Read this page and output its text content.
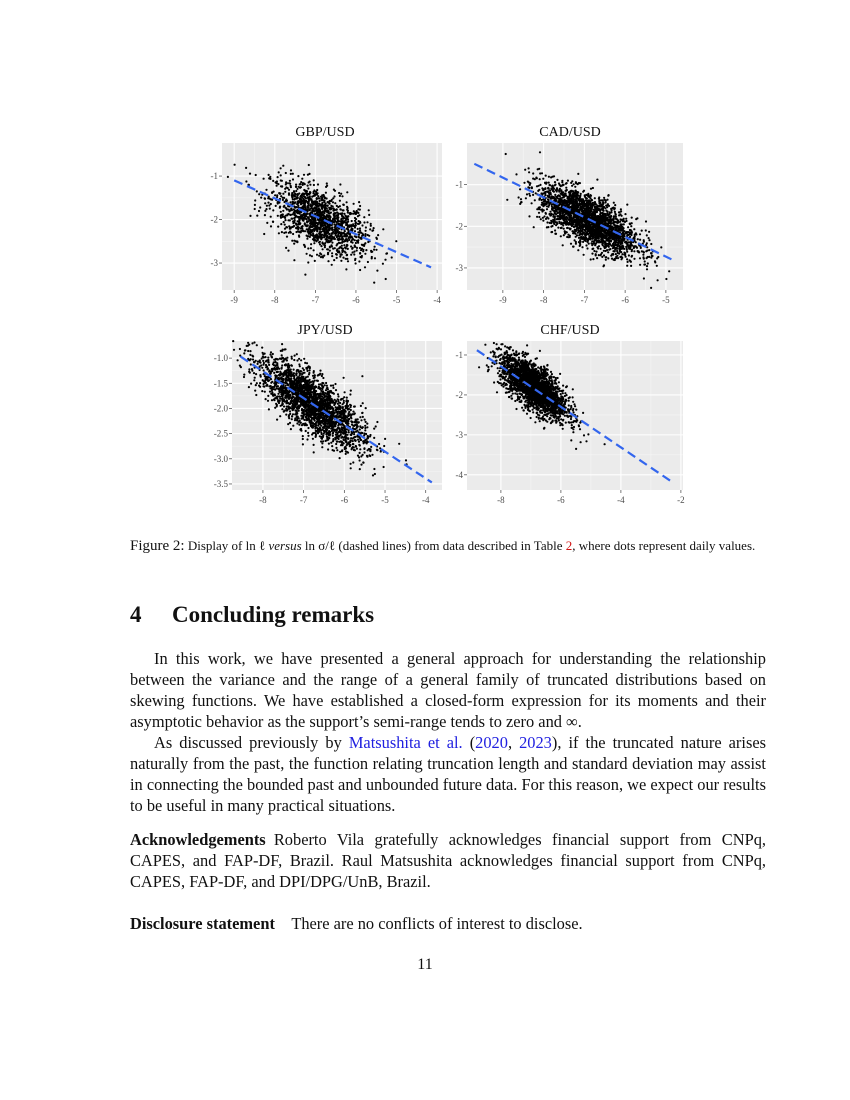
GBP/USD
-9	-8	-7	-6	-5	-4
-1
-2
-3
CAD/USD
-9	-8	-7	-6	-5
-1
-2
-3
JPY/USD
-8	-7	-6	-5	-4
-1.0
-1.5
-2.0
-2.5
-3.0
-3.5
CHF/USD
-8	-6	-4	-2
-1
-2
-3
-4
Figure 2: Display of ln ℓ versus ln σ/ℓ (dashed lines) from data described in Table 2, where dots represent daily values.
4 Concluding remarks

In this work, we have presented a general approach for understanding the relationship between the variance and the range of a general family of truncated distributions based on skewing functions. We have established a closed-form expression for its moments and their asymptotic behavior as the support’s semi-range tends to zero and ∞.

As discussed previously by Matsushita et al. (2020, 2023), if the truncated nature arises naturally from the past, the function relating truncation length and standard deviation may assist in connecting the bounded past and unbounded future data. For this reason, we expect our results to be useful in many practical situations.

Acknowledgements  Roberto Vila gratefully acknowledges financial support from CNPq, CAPES, and FAP-DF, Brazil. Raul Matsushita acknowledges financial support from CNPq, CAPES, FAP-DF, and DPI/DPG/UnB, Brazil.

Disclosure statement   There are no conflicts of interest to disclose.

11
